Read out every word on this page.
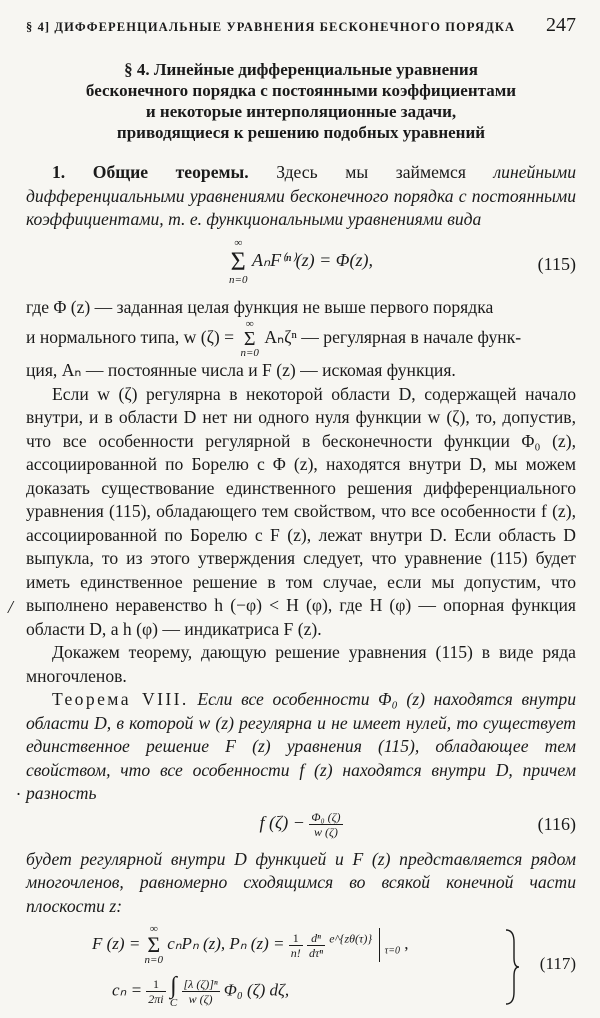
§ 4] ДИФФЕРЕНЦИАЛЬНЫЕ УРАВНЕНИЯ БЕСКОНЕЧНОГО ПОРЯДКА 247
§ 4. Линейные дифференциальные уравнения
бесконечного порядка с постоянными коэффициентами
и некоторые интерполяционные задачи,
приводящиеся к решению подобных уравнений

1. Общие теоремы. Здесь мы займемся линейными дифференциальными уравнениями бесконечного порядка с постоянными коэффициентами, т. е. функциональными уравнениями вида

∞
Σ
n=0
AₙF⁽ⁿ⁾(z) = Φ(z),	(115)

где Φ (z) — заданная целая функция не выше первого порядка

и нормального типа, w (ζ) =
∞
Σ
n=0
Aₙζⁿ — регулярная в начале функ-

ция, Aₙ — постоянные числа и F (z) — искомая функция.

Если w (ζ) регулярна в некоторой области D, содержащей начало внутри, и в области D нет ни одного нуля функции w (ζ), то, допустив, что все особенности регулярной в бесконечности функции Φ₀ (z), ассоциированной по Борелю с Φ (z), находятся внутри D, мы можем доказать существование единственного решения дифференциального уравнения (115), обладающего тем свойством, что все особенности f (z), ассоциированной по Борелю с F (z), лежат внутри D. Если область D выпукла, то из этого утверждения следует, что уравнение (115) будет иметь единственное решение в том случае, если мы допустим, что выполнено неравенство h (−φ) < H (φ), где H (φ) — опорная функция области D, а h (φ) — индикатриса F (z).

Докажем теорему, дающую решение уравнения (115) в виде ряда многочленов.

Теорема VIII. Если все особенности Φ₀ (z) находятся внутри области D, в которой w (z) регулярна и не имеет нулей, то существует единственное решение F (z) уравнения (115), обладающее тем свойством, что все особенности f (z) находятся внутри D, причем разность

f $(\zeta) - \frac{\text{Φ₀ (ζ)}}{w (\zeta)}$	(116)

будет регулярной внутри D функцией и F (z) представляется рядом многочленов, равномерно сходящимся во всякой конечной части плоскости z:

F (z) =
∞
Σ
n=0
cₙPₙ (z), Pₙ $(z) = \frac{1}{n!}$
$\frac{\text{dⁿ}}{\text{dτⁿ}} ^{e\^{}\{z\theta(\tau)\}}$  $_{\tau=0}$ ,
$c_n = \frac{1}{2\pi i}$
∫
C
$\frac{\text{[λ (ζ)]ⁿ}}{w (\zeta)} \Phi_0$ (ζ) dζ,
(117)
/
·
